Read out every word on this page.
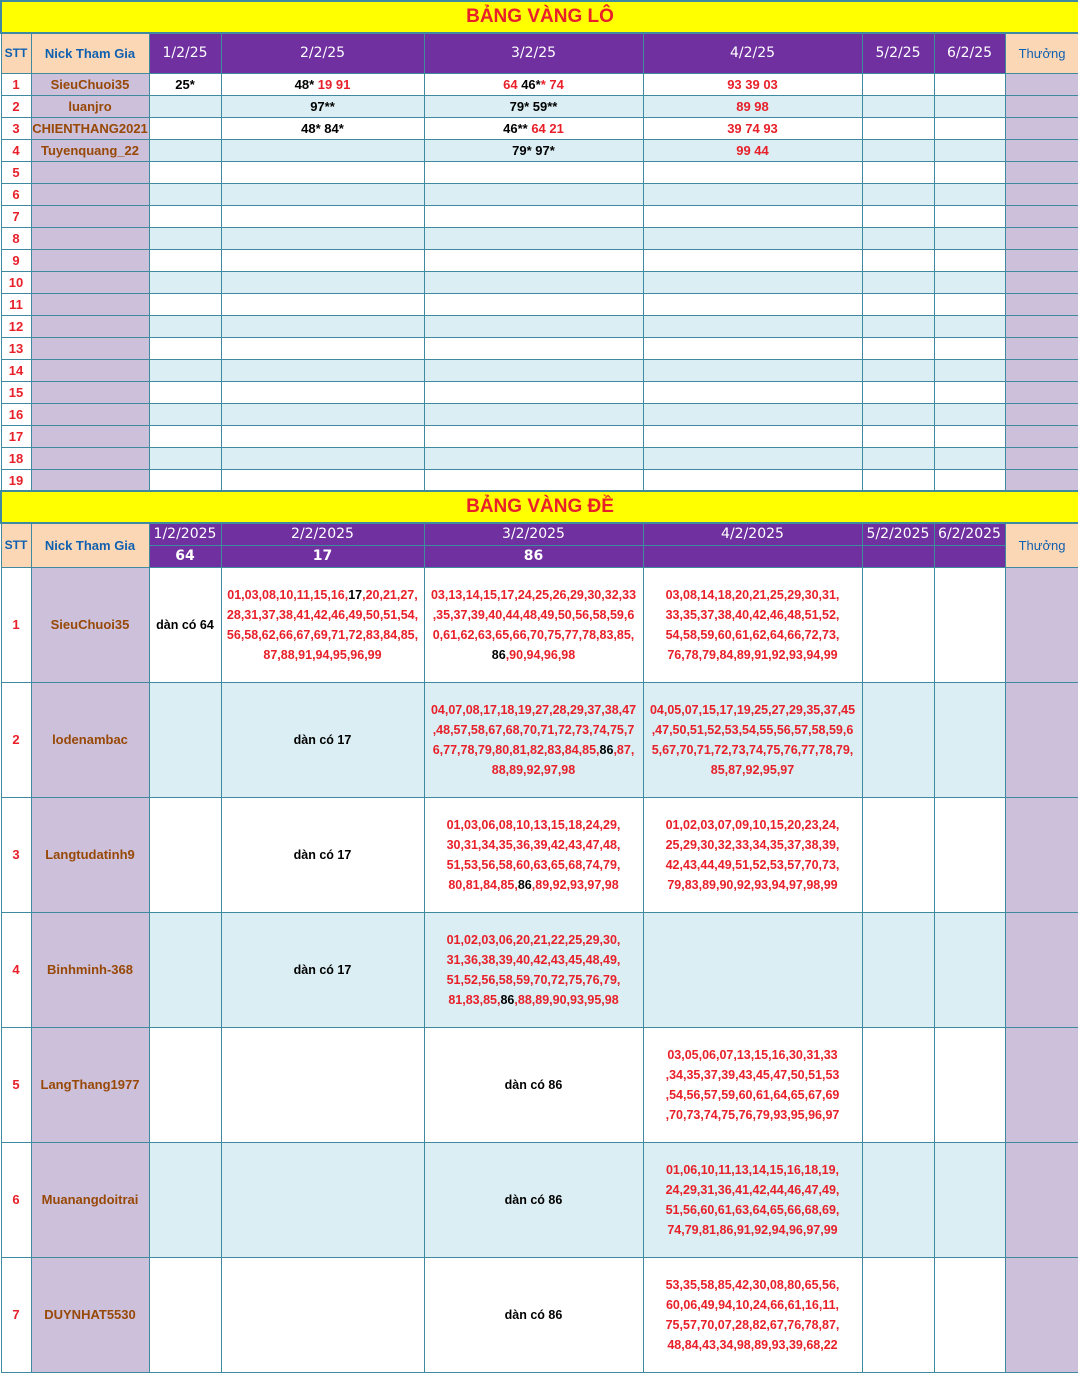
BẢNG VÀNG LÔ								
STT	Nick Tham Gia	1/2/25	2/2/25	3/2/25	4/2/25	5/2/25	6/2/25	Thưởng
1	SieuChuoi35	25*	48* 19 91	64 46** 74	93 39 03			
2	luanjro		97**	79* 59**	89 98			
3	CHIENTHANG2021		48* 84*	46** 64 21	39 74 93			
4	Tuyenquang_22			79* 97*	99 44			
5								
6								
7								
8								
9								
10								
11								
12								
13								
14								
15								
16								
17								
18								
19								
BẢNG VÀNG ĐỀ								
STT	Nick Tham Gia	1/2/2025	2/2/2025	3/2/2025	4/2/2025	5/2/2025	6/2/2025	Thưởng
		64	17	86				
1	SieuChuoi35	dàn có 64	01,03,08,10,11,15,16,17,20,21,27,
28,31,37,38,41,42,46,49,50,51,54,
56,58,62,66,67,69,71,72,83,84,85,
87,88,91,94,95,96,99	03,13,14,15,17,24,25,26,29,30,32,33
,35,37,39,40,44,48,49,50,56,58,59,6
0,61,62,63,65,66,70,75,77,78,83,85,
86,90,94,96,98	03,08,14,18,20,21,25,29,30,31,
33,35,37,38,40,42,46,48,51,52,
54,58,59,60,61,62,64,66,72,73,
76,78,79,84,89,91,92,93,94,99			
2	lodenambac		dàn có 17	04,07,08,17,18,19,27,28,29,37,38,47
,48,57,58,67,68,70,71,72,73,74,75,7
6,77,78,79,80,81,82,83,84,85,86,87,
88,89,92,97,98	04,05,07,15,17,19,25,27,29,35,37,45
,47,50,51,52,53,54,55,56,57,58,59,6
5,67,70,71,72,73,74,75,76,77,78,79,
85,87,92,95,97			
3	Langtudatinh9		dàn có 17	01,03,06,08,10,13,15,18,24,29,
30,31,34,35,36,39,42,43,47,48,
51,53,56,58,60,63,65,68,74,79,
80,81,84,85,86,89,92,93,97,98	01,02,03,07,09,10,15,20,23,24,
25,29,30,32,33,34,35,37,38,39,
42,43,44,49,51,52,53,57,70,73,
79,83,89,90,92,93,94,97,98,99			
4	Binhminh-368		dàn có 17	01,02,03,06,20,21,22,25,29,30,
31,36,38,39,40,42,43,45,48,49,
51,52,56,58,59,70,72,75,76,79,
81,83,85,86,88,89,90,93,95,98				
5	LangThang1977			dàn có 86	03,05,06,07,13,15,16,30,31,33
,34,35,37,39,43,45,47,50,51,53
,54,56,57,59,60,61,64,65,67,69
,70,73,74,75,76,79,93,95,96,97			
6	Muanangdoitrai			dàn có 86	01,06,10,11,13,14,15,16,18,19,
24,29,31,36,41,42,44,46,47,49,
51,56,60,61,63,64,65,66,68,69,
74,79,81,86,91,92,94,96,97,99			
7	DUYNHAT5530			dàn có 86	53,35,58,85,42,30,08,80,65,56,
60,06,49,94,10,24,66,61,16,11,
75,57,70,07,28,82,67,76,78,87,
48,84,43,34,98,89,93,39,68,22			
